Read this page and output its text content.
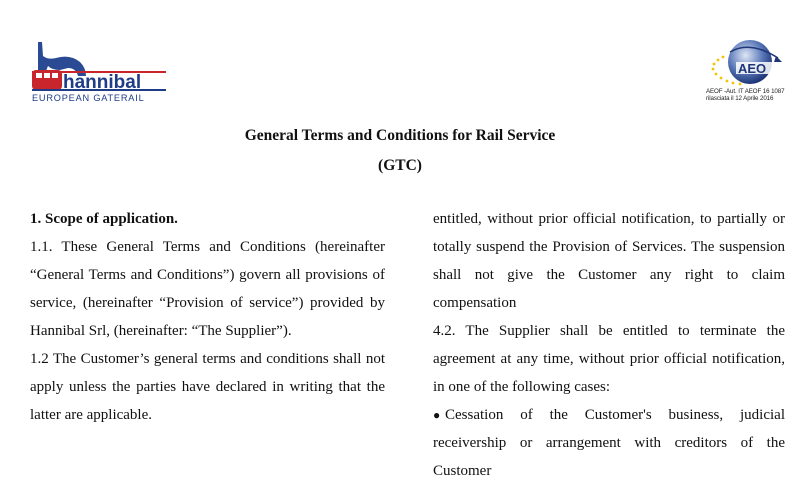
hannibal
EUROPEAN GATERAIL
AEO
AEOF -Aut. IT AEOF 16 1087
rilasciata il 12 Aprile 2016
General Terms and Conditions for Rail Service
(GTC)

1. Scope of application.

1.1. These General Terms and Conditions (hereinafter “General Terms and Conditions”) govern all provisions of service, (hereinafter “Provision of service”) provided by Hannibal Srl, (hereinafter: “The Supplier”).

1.2 The Customer’s general terms and conditions shall not apply unless the parties have declared in writing that the latter are applicable.

entitled, without prior official notification, to partially or totally suspend the Provision of Services. The suspension shall not give the Customer any right to claim compensation

4.2. The Supplier shall be entitled to terminate the agreement at any time, without prior official notification, in one of the following cases:

● Cessation of the Customer's business, judicial receivership or arrangement with creditors of the Customer
